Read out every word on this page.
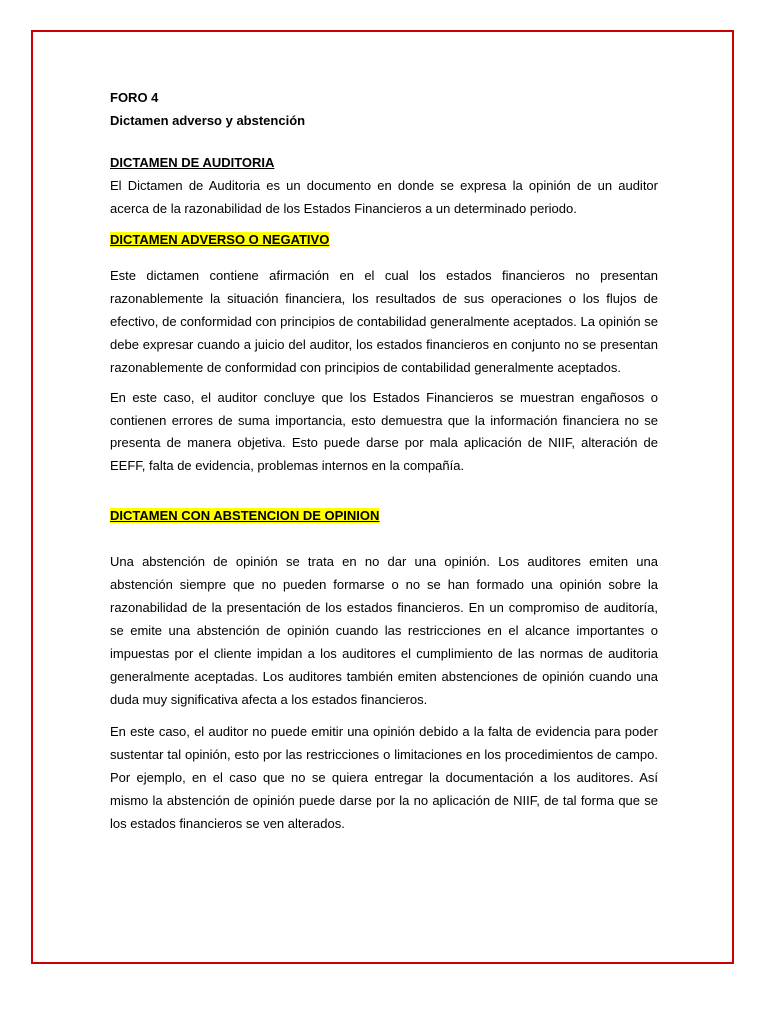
FORO 4

Dictamen adverso y abstención

DICTAMEN DE AUDITORIA

El Dictamen de Auditoria es un documento en donde se expresa la opinión de un auditor acerca de la razonabilidad de los Estados Financieros a un determinado periodo.

DICTAMEN ADVERSO O NEGATIVO

Este dictamen contiene afirmación en el cual los estados financieros no presentan razonablemente la situación financiera, los resultados de sus operaciones o los flujos de efectivo, de conformidad con principios de contabilidad generalmente aceptados. La opinión se debe expresar cuando a juicio del auditor, los estados financieros en conjunto no se presentan razonablemente de conformidad con principios de contabilidad generalmente aceptados.

En este caso, el auditor concluye que los Estados Financieros se muestran engañosos o contienen errores de suma importancia, esto demuestra que la información financiera no se presenta de manera objetiva. Esto puede darse por mala aplicación de NIIF, alteración de EEFF, falta de evidencia, problemas internos en la compañía.

DICTAMEN CON ABSTENCION DE OPINION

Una abstención de opinión se trata en no dar una opinión. Los auditores emiten una abstención siempre que no pueden formarse o no se han formado una opinión sobre la razonabilidad de la presentación de los estados financieros. En un compromiso de auditoría, se emite una abstención de opinión cuando las restricciones en el alcance importantes o impuestas por el cliente impidan a los auditores el cumplimiento de las normas de auditoria generalmente aceptadas. Los auditores también emiten abstenciones de opinión cuando una duda muy significativa afecta a los estados financieros.

En este caso, el auditor no puede emitir una opinión debido a la falta de evidencia para poder sustentar tal opinión, esto por las restricciones o limitaciones en los procedimientos de campo. Por ejemplo, en el caso que no se quiera entregar la documentación a los auditores. Así mismo la abstención de opinión puede darse por la no aplicación de NIIF, de tal forma que se los estados financieros se ven alterados.
